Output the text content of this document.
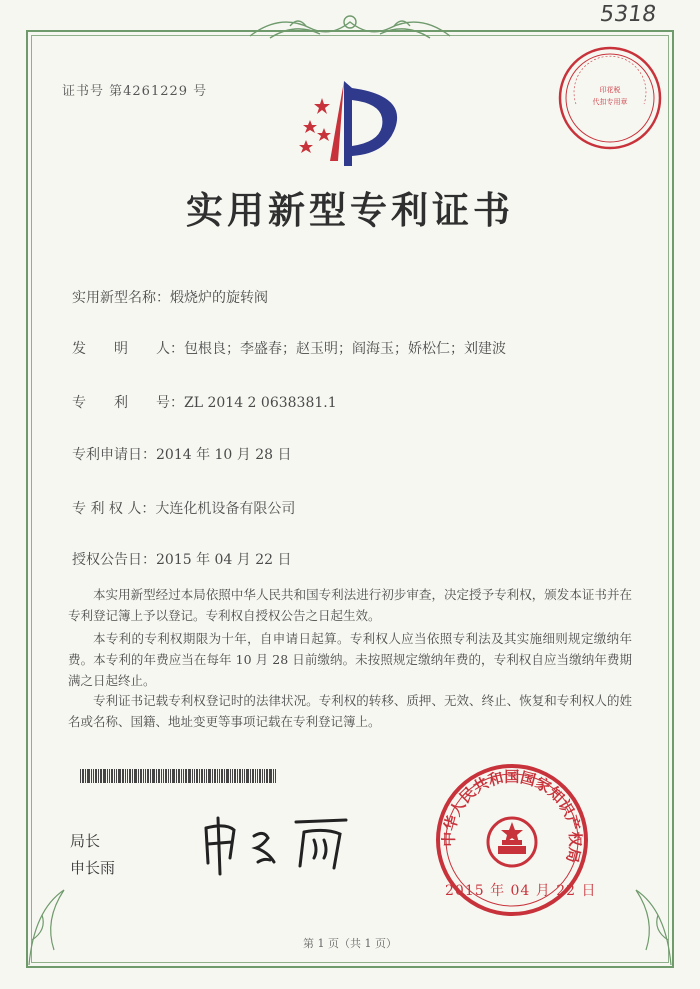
5318
证书号 第4261229 号
实用新型专利证书
实用新型名称：煅烧炉的旋转阀
发　　明　　人：包根良；李盛春；赵玉明；阎海玉；娇松仁；刘建波
专　　利　　号：ZL 2014 2 0638381.1
专利申请日：2014 年 10 月 28 日
专 利 权 人：大连化机设备有限公司
授权公告日：2015 年 04 月 22 日
本实用新型经过本局依照中华人民共和国专利法进行初步审查，决定授予专利权，颁发本证书并在专利登记簿上予以登记。专利权自授权公告之日起生效。
本专利的专利权期限为十年，自申请日起算。专利权人应当依照专利法及其实施细则规定缴纳年费。本专利的年费应当在每年 10 月 28 日前缴纳。未按照规定缴纳年费的，专利权自应当缴纳年费期满之日起终止。
专利证书记载专利权登记时的法律状况。专利权的转移、质押、无效、终止、恢复和专利权人的姓名或名称、国籍、地址变更等事项记载在专利登记簿上。
局长
申长雨
印花税
代扣专用章
中华人民共和国国家知识产权局
2015 年 04 月 22 日
第 1 页（共 1 页）
